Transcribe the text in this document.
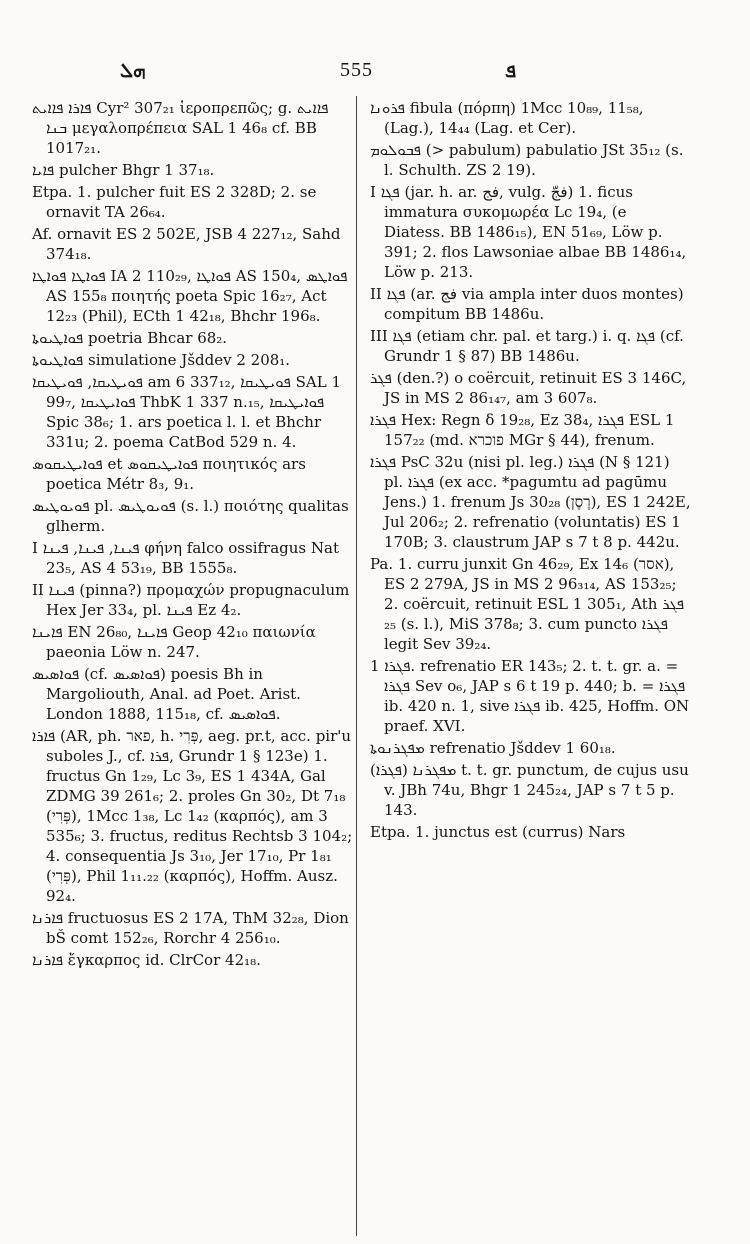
ܗܠ	555	ܦ

ܦܐܪܐ ܦܐܐܝܬ Cyr² 307₂₁ ἱεροπρεπῶς; g. ܦܐܐܝܬ ܒܢܐ μεγαλοπρέπεια SAL 1 46₈ cf. BB 1017₂₁.

ܦܐܝܐ pulcher Bhgr 1 37₁₈.

Etpa. 1. pulcher fuit ES 2 328D; 2. se ornavit TA 26₆₄.

Af. ornavit ES 2 502E, JSB 4 227₁₂, Sahd 374₁₈.

ܦܘܐܛܐ ܦܘܐܛܐ IA 2 110₂₉, ܦܘܐܛܐ AS 150₄, ܦܘܐܛܣ AS 155₈ ποιητής poeta Spic 16₂₇, Act 12₂₃ (Phil), ECth 1 42₁₈, Bhchr 196₈.

ܦܘܐܛܝܘܬܐ poetria Bhcar 68₂.

ܦܘܐܛܝܘܬܐ simulatione Jšddev 2 208₁.

ܦܘܝܛܝܩܐ, ܦܘܝܛܝܩܐ am 6 337₁₂, ܦܘܝܛܝܩܐ SAL 1 99₇, ܦܘܐܝܛܝܩܐ ThbK 1 337 n.₁₅, ܦܘܐܝܛܝܩܐ Spic 38₆; 1. ars poetica l. l. et Bhchr 331u; 2. poema CatBod 529 n. 4.

ܦܘܐܝܛܝܩܘܣ et ܦܘܐܝܛܝܩܘܣ ποιητικός ars poetica Métr 8₃, 9₁.

ܦܘܝܘܛܝܣ pl. ܦܘܝܘܛܝܣ (s. l.) ποιότης qualitas glherm.

I ܦܝܢܐ, ܦܝܢܐ, ܦܝܢܐ φήνη falco ossifragus Nat 23₅, AS 4 53₁₉, BB 1555₈.

II ܦܝܢܐ (pinna?) προμαχών propugnaculum Hex Jer 33₄, pl. ܦܝܢܐ Ez 4₂.

ܦܐܝܢܐ EN 26₈₀, ܦܐܝܢܐ Geop 42₁₀ παιωνία paeonia Löw n. 247.

ܦܘܐܣܝܣ (cf. ܦܘܐܣܝܣ) poesis Bh in Margoliouth, Anal. ad Poet. Arist. London 1888, 115₁₈, cf. ܦܘܐܣܝܣ.

ܦܐܪܐ (AR, ph. פאר, h. פְּרִי, aeg. pr.t, acc. pir'u suboles J., cf. ܦܪܐ, Grundr 1 § 123e) 1. fructus Gn 1₂₉, Lc 3₉, ES 1 434A, Gal ZDMG 39 261₆; 2. proles Gn 30₂, Dt 7₁₈ (פְּרִי), 1Mcc 1₃₈, Lc 1₄₂ (καρπός), am 3 535₆; 3. fructus, reditus Rechtsb 3 104₂; 4. consequentia Js 3₁₀, Jer 17₁₀, Pr 1₈₁ (פְּרִי), Phil 1₁₁.₂₂ (καρπός), Hoffm. Ausz. 92₄.

ܦܐܪܢܐ fructuosus ES 2 17A, ThM 32₂₈, Dion bŠ comt 152₂₆, Rorchr 4 256₁₀.

ܦܐܪܢܐ ἔγκαρπος id. ClrCor 42₁₈.

ܦܪܘܢܐ fibula (πόρπη) 1Mcc 10₈₉, 11₅₈, (Lag.), 14₄₄ (Lag. et Cer).

ܦܒܘܠܘܡ (> pabulum) pabulatio JSt 35₁₂ (s. l. Schulth. ZS 2 19).

I ܦܓܐ (jar. h. ar. فج, vulg. فجّ) 1. ficus immatura συκομωρέα Lc 19₄, (e Diatess. BB 1486₁₅), EN 51₆₉, Löw p. 391; 2. flos Lawsoniae albae BB 1486₁₄, Löw p. 213.

II ܦܓܐ (ar. فج via ampla inter duos montes) compitum BB 1486u.

III ܦܓܐ (etiam chr. pal. et targ.) i. q. ܦܓܐ (cf. Grundr 1 § 87) BB 1486u.

ܦܓܪ (den.?) o coërcuit, retinuit ES 3 146C, JS in MS 2 86₁₄₇, am 3 607₈.

ܦܓܪܐ Hex: Regn δ 19₂₈, Ez 38₄, ܦܓܪܐ ESL 1 157₂₂ (md. פוכרא MGr § 44), frenum.

ܦܓܪܐ PsC 32u (nisi pl. leg.) ܦܓܪܐ (N § 121) pl. ܦܓܪܐ (ex acc. *pagumtu ad pagūmu Jens.) 1. frenum Js 30₂₈ (רֶסֶן), ES 1 242E, Jul 206₂; 2. refrenatio (voluntatis) ES 1 170B; 3. claustrum JAP s 7 t 8 p. 442u.

Pa. 1. curru junxit Gn 46₂₉, Ex 14₆ (אסר), ES 2 279A, JS in MS 2 96₃₁₄, AS 153₂₅; 2. coërcuit, retinuit ESL 1 305₁, Ath ܦܓܪ ₂₅ (s. l.), MiS 378₈; 3. cum puncto ܦܓܪܐ legit Sev 39₂₄.

ܦܓܪܐ 1. refrenatio ER 143₅; 2. t. t. gr. a. = ܦܓܪܐ Sev o₆, JAP s 6 t 19 p. 440; b. = ܦܓܪܐ ib. 420 n. 1, sive ܦܓܪܐ ib. 425, Hoffm. ON praef. XVI.

ܡܦܓܪܢܘܬܐ refrenatio Jšddev 1 60₁₈.

ܡܦܓܪܢܐ (ܦܓܪܐ) t. t. gr. punctum, de cujus usu v. JBh 74u, Bhgr 1 245₂₄, JAP s 7 t 5 p. 143.

Etpa. 1. junctus est (currus) Nars
